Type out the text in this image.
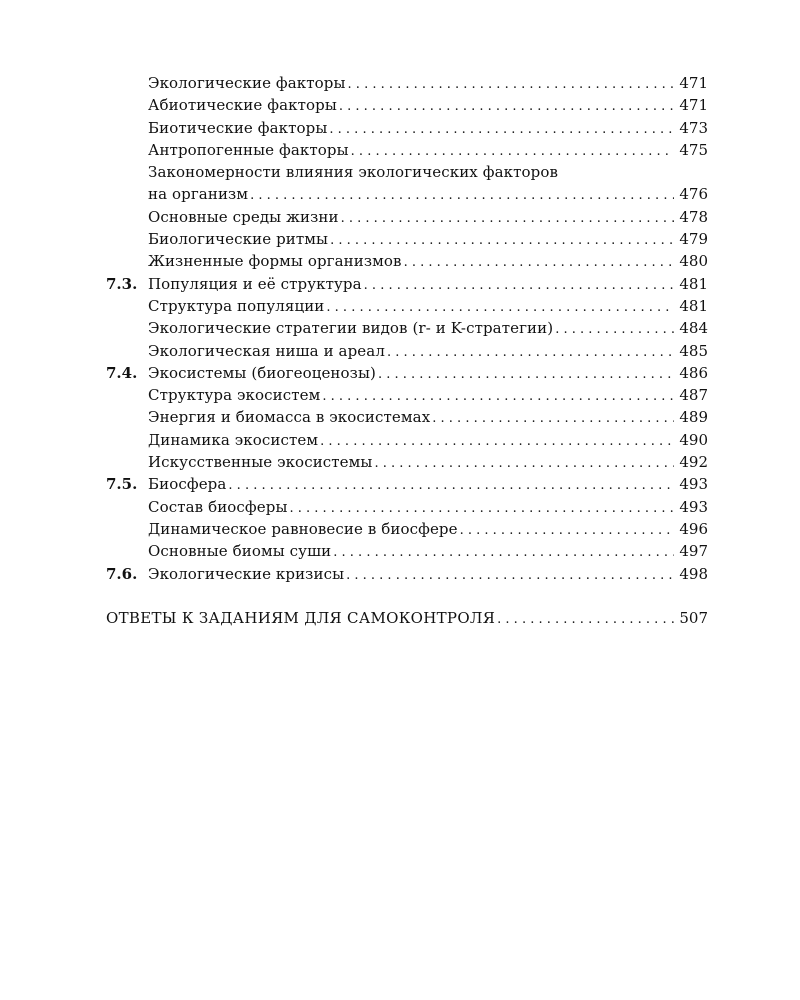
Экологические факторы . . .	471
Абиотические факторы . . .	471
Биотические факторы . . .	473
Антропогенные факторы . . .	475
Закономерности влияния экологических факторов
на организм . . .	476
Основные среды жизни . . .	478
Биологические ритмы . . .	479
Жизненные формы организмов . . .	480
7.3. Популяция и её структура . . .	481
Структура популяции . . .	481
Экологические стратегии видов (r- и K-стратегии) . . .	484
Экологическая ниша и ареал . . .	485
7.4. Экосистемы (биогеоценозы) . . .	486
Структура экосистем . . .	487
Энергия и биомасса в экосистемах . . .	489
Динамика экосистем . . .	490
Искусственные экосистемы . . .	492
7.5. Биосфера . . .	493
Состав биосферы . . .	493
Динамическое равновесие в биосфере . . .	496
Основные биомы суши . . .	497
7.6. Экологические кризисы . . .	498
ОТВЕТЫ К ЗАДАНИЯМ ДЛЯ САМОКОНТРОЛЯ . . .	507
